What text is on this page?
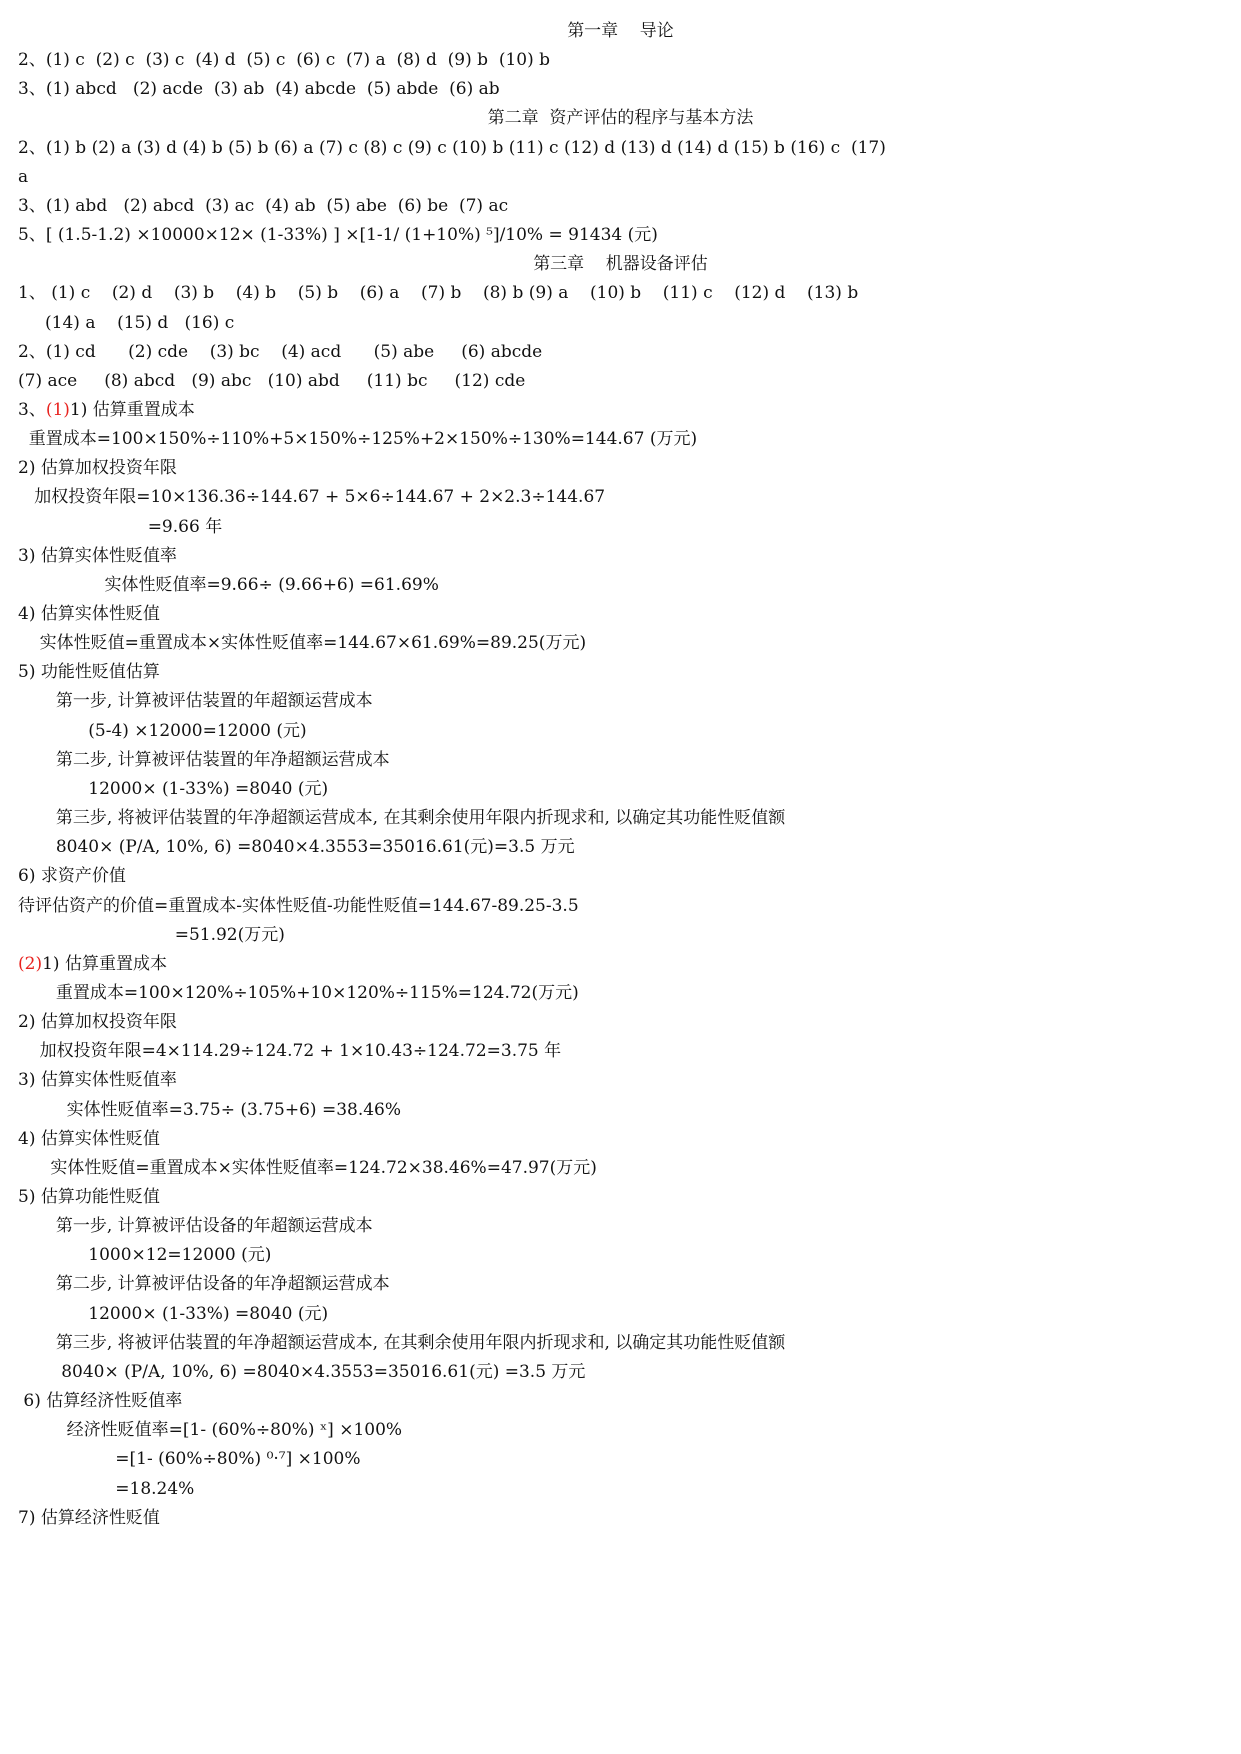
第一章    导论

2、(1) c  (2) c  (3) c  (4) d  (5) c  (6) c  (7) a  (8) d  (9) b  (10) b

3、(1) abcd   (2) acde  (3) ab  (4) abcde  (5) abde  (6) ab

第二章  资产评估的程序与基本方法

2、(1) b (2) a (3) d (4) b (5) b (6) a (7) c (8) c (9) c (10) b (11) c (12) d (13) d (14) d (15) b (16) c  (17)

a

3、(1) abd   (2) abcd  (3) ac  (4) ab  (5) abe  (6) be  (7) ac

5、[ (1.5-1.2) ×10000×12× (1-33%) ] ×[1-1/ (1+10%) ⁵]/10% = 91434 (元)

第三章    机器设备评估

1、 (1) c    (2) d    (3) b    (4) b    (5) b    (6) a    (7) b    (8) b (9) a    (10) b    (11) c    (12) d    (13) b

(14) a    (15) d   (16) c

2、(1) cd      (2) cde    (3) bc    (4) acd      (5) abe     (6) abcde

(7) ace     (8) abcd   (9) abc   (10) abd     (11) bc     (12) cde

3、(1)1) 估算重置成本

重置成本=100×150%÷110%+5×150%÷125%+2×150%÷130%=144.67 (万元)

2) 估算加权投资年限

加权投资年限=10×136.36÷144.67 + 5×6÷144.67 + 2×2.3÷144.67

=9.66 年

3) 估算实体性贬值率

实体性贬值率=9.66÷ (9.66+6) =61.69%

4) 估算实体性贬值

实体性贬值=重置成本×实体性贬值率=144.67×61.69%=89.25(万元)

5) 功能性贬值估算

第一步, 计算被评估装置的年超额运营成本

(5-4) ×12000=12000 (元)

第二步, 计算被评估装置的年净超额运营成本

12000× (1-33%) =8040 (元)

第三步, 将被评估装置的年净超额运营成本, 在其剩余使用年限内折现求和, 以确定其功能性贬值额

8040× (P/A, 10%, 6) =8040×4.3553=35016.61(元)=3.5 万元

6) 求资产价值

待评估资产的价值=重置成本-实体性贬值-功能性贬值=144.67-89.25-3.5

=51.92(万元)

(2)1) 估算重置成本

重置成本=100×120%÷105%+10×120%÷115%=124.72(万元)

2) 估算加权投资年限

加权投资年限=4×114.29÷124.72 + 1×10.43÷124.72=3.75 年

3) 估算实体性贬值率

实体性贬值率=3.75÷ (3.75+6) =38.46%

4) 估算实体性贬值

实体性贬值=重置成本×实体性贬值率=124.72×38.46%=47.97(万元)

5) 估算功能性贬值

第一步, 计算被评估设备的年超额运营成本

1000×12=12000 (元)

第二步, 计算被评估设备的年净超额运营成本

12000× (1-33%) =8040 (元)

第三步, 将被评估装置的年净超额运营成本, 在其剩余使用年限内折现求和, 以确定其功能性贬值额

8040× (P/A, 10%, 6) =8040×4.3553=35016.61(元) =3.5 万元

6) 估算经济性贬值率

经济性贬值率=[1- (60%÷80%) ˣ] ×100%

=[1- (60%÷80%) ⁰·⁷] ×100%

=18.24%

7) 估算经济性贬值
